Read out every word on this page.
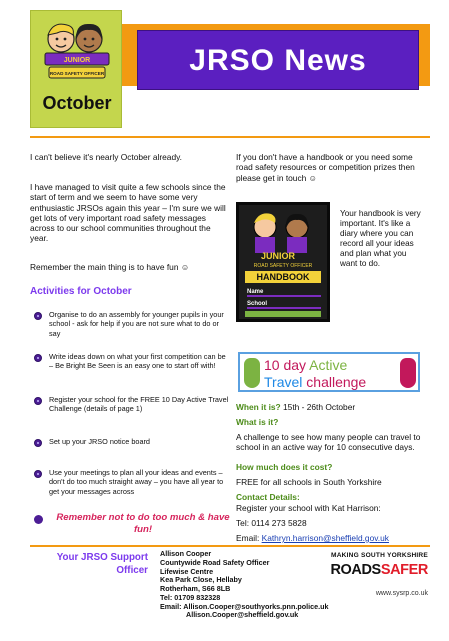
JUNIOR
ROAD SAFETY OFFICER
October
JRSO News
I can't believe it's nearly October already.
I have managed to visit quite a few schools since the start of term and we seem to have some very enthusiastic JRSOs again this year – I'm sure we will get lots of very important road safety messages across to our school communities throughout the year.
Remember the main thing is to have fun ☺
Activities for October
Organise to do an assembly for younger pupils in your school - ask for help if you are not sure what to do or say
Write ideas down on what your first competition can be – Be Bright Be Seen is an easy one to start off with!
Register your school for the FREE 10 Day Active Travel Challenge (details of page 1)
Set up your JRSO notice board
Use your meetings to plan all your ideas and events – don't do too much straight away – you have all year to get your messages across
Remember not to do too much & have fun!
If you don't have a handbook or you need some road safety resources or competition prizes then please get in touch ☺
JUNIOR
ROAD SAFETY OFFICER
HANDBOOK
Name
School
Your handbook is very important. It's like a diary where you can record all your ideas and plan what you want to do.
10 day Active
Travel challenge
When it is? 15th - 26th October
What is it?
A challenge to see how many people can travel to school in an active way for 10 consecutive days.
How much does it cost?
FREE for all schools in South Yorkshire
Contact Details:
Register your school with Kat Harrison:
Tel: 0114 273 5828
Email: Kathryn.harrison@sheffield.gov.uk
Your JRSO Support
Officer
Allison Cooper
Countywide Road Safety Officer
Lifewise Centre
Kea Park Close, Hellaby
Rotherham, S66 8LB
Tel: 01709 832328
Email: Allison.Cooper@southyorks.pnn.police.uk
Allison.Cooper@sheffield.gov.uk
MAKING SOUTH YORKSHIRE
ROADSSAFER
www.sysrp.co.uk
